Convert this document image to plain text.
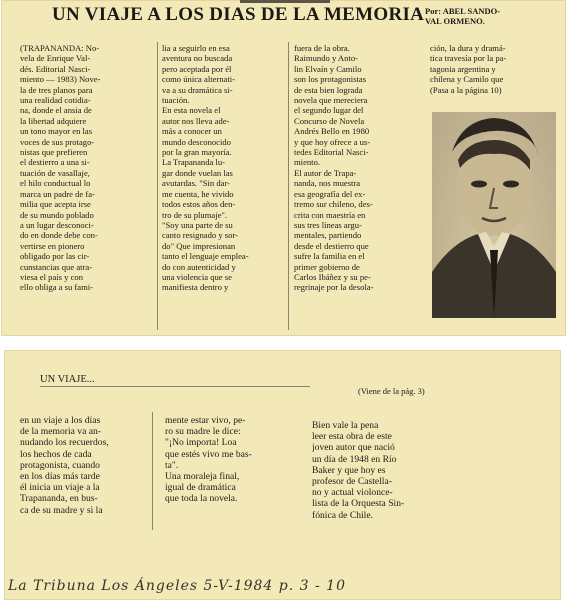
UN VIAJE A LOS DIAS DE LA MEMORIA Por: ABEL SANDO-
VAL ORMENO.
(TRAPANANDA: No-
vela de Enrique Val-
dés. Editorial Nasci-
miento — 1983) Nove-
la de tres planos para
una realidad cotidia-
na, donde el ansia de
la libertad adquiere
un tono mayor en las
voces de sus protago-
nistas que prefieren
el destierro a una si-
tuación de vasallaje,
el hilo conductual lo
marca un padre de fa-
milia que acepta irse
de su mundo poblado
a un lugar desconoci-
do en donde debe con-
vertirse en pionero
obligado por las cir-
cunstancias que atra-
viesa el país y con
ello obliga a su fami-
lia a seguirlo en esa
aventura no buscada
pero aceptada por él
como única alternati-
va a su dramática si-
tuación.
En esta novela el
autor nos lleva ade-
más a conocer un
mundo desconocido
por la gran mayoría.
La Trapananda lu-
gar donde vuelan las
avutardas. "Sin dar-
me cuenta, he vivido
todos estos años den-
tro de su plumaje".
"Soy una parte de su
canto resignado y sor-
do" Que impresionan
tanto el lenguaje emplea-
do con autenticidad y
una violencia que se
manifiesta dentro y
fuera de la obra.
Raimundo y Anto-
lin Elvaín y Camilo
son los protagonistas
de esta bien lograda
novela que mereciera
el segundo lugar del
Concurso de Novela
Andrés Bello en 1980
y que hoy ofrece a us-
tedes Editorial Nasci-
miento.
El autor de Trapa-
nanda, nos muestra
esa geografía del ex-
tremo sur chileno, des-
crita con maestría en
sus tres líneas argu-
mentales, partiendo
desde el destierro que
sufre la familia en el
primer gobierno de
Carlos Ibáñez y su pe-
regrinaje por la desola-
ción, la dura y dramá-
tica travesía por la pa-
tagonia argentina y
chilena y Camilo que
(Pasa a la página 10)
UN VIAJE...
(Viene de la pág. 3)
en un viaje a los días
de la memoria va an-
nudando los recuerdos,
los hechos de cada
protagonista, cuando
en los días más tarde
él inicia un viaje a la
Trapananda, en bus-
ca de su madre y si la
mente estar vivo, pe-
ro su madre le dice:
"¡No importa! Loa
que estés vivo me bas-
ta".
Una moraleja final,
igual de dramática
que toda la novela.
Bien vale la pena
leer esta obra de este
joven autor que nació
un día de 1948 en Río
Baker y que hoy es
profesor de Castella-
no y actual violonce-
lista de la Orquesta Sin-
fónica de Chile.
La Tribuna Los Ángeles 5-V-1984 p. 3 - 10
